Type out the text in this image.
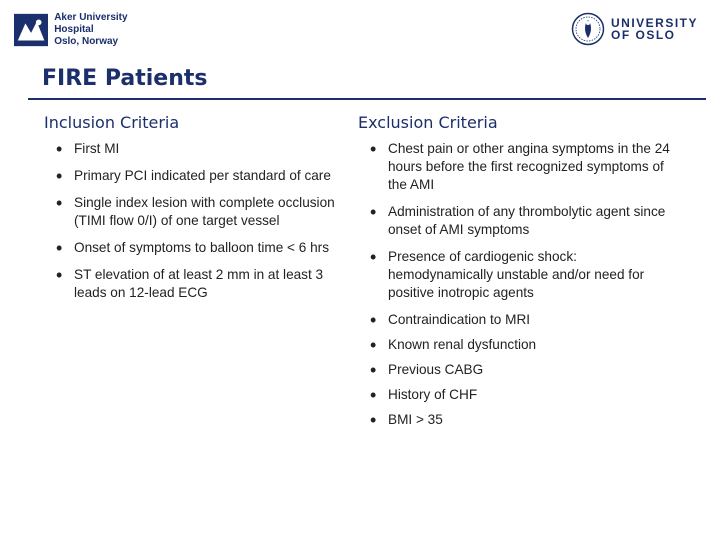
Aker University Hospital
Oslo, Norway
UNIVERSITY
OF OSLO
FIRE Patients
Inclusion Criteria
• First MI
• Primary PCI indicated per standard of care
• Single index lesion with complete occlusion (TIMI flow 0/I) of one target vessel
• Onset of symptoms to balloon time < 6 hrs
• ST elevation of at least 2 mm in at least 3 leads on 12-lead ECG
Exclusion Criteria
• Chest pain or other angina symptoms in the 24 hours before the first recognized symptoms of the AMI
• Administration of any thrombolytic agent since onset of AMI symptoms
• Presence of cardiogenic shock: hemodynamically unstable and/or need for positive inotropic agents
• Contraindication to MRI
• Known renal dysfunction
• Previous CABG
• History of CHF
• BMI > 35
